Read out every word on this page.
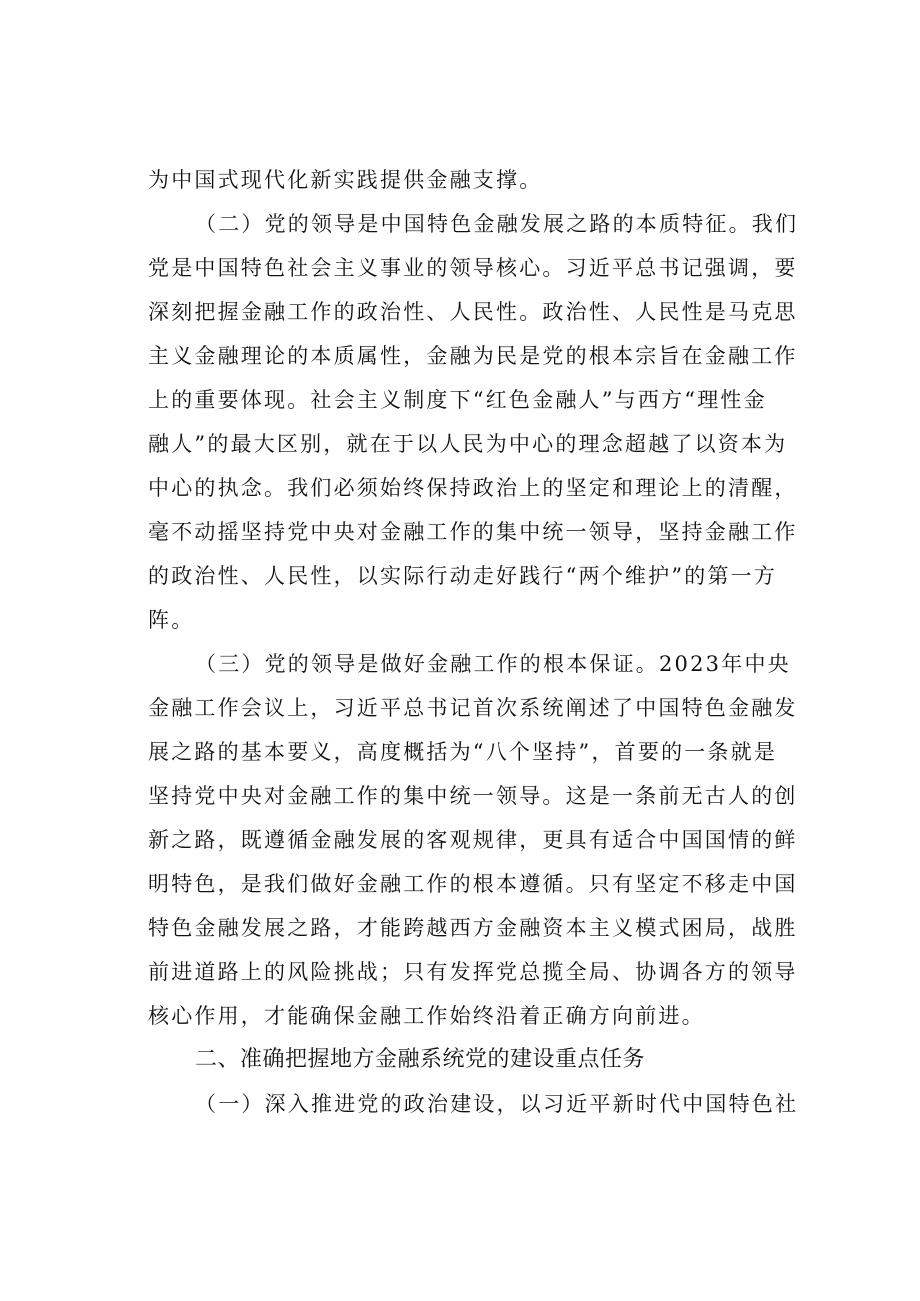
为中国式现代化新实践提供金融支撑。
（二）党的领导是中国特色金融发展之路的本质特征。我们
党是中国特色社会主义事业的领导核心。习近平总书记强调，要
深刻把握金融工作的政治性、人民性。政治性、人民性是马克思
主义金融理论的本质属性，金融为民是党的根本宗旨在金融工作
上的重要体现。社会主义制度下“红色金融人”与西方“理性金
融人”的最大区别，就在于以人民为中心的理念超越了以资本为
中心的执念。我们必须始终保持政治上的坚定和理论上的清醒，
毫不动摇坚持党中央对金融工作的集中统一领导，坚持金融工作
的政治性、人民性，以实际行动走好践行“两个维护”的第一方
阵。
（三）党的领导是做好金融工作的根本保证。2023年中央
金融工作会议上，习近平总书记首次系统阐述了中国特色金融发
展之路的基本要义，高度概括为“八个坚持”，首要的一条就是
坚持党中央对金融工作的集中统一领导。这是一条前无古人的创
新之路，既遵循金融发展的客观规律，更具有适合中国国情的鲜
明特色，是我们做好金融工作的根本遵循。只有坚定不移走中国
特色金融发展之路，才能跨越西方金融资本主义模式困局，战胜
前进道路上的风险挑战；只有发挥党总揽全局、协调各方的领导
核心作用，才能确保金融工作始终沿着正确方向前进。
二、准确把握地方金融系统党的建设重点任务
（一）深入推进党的政治建设，以习近平新时代中国特色社
